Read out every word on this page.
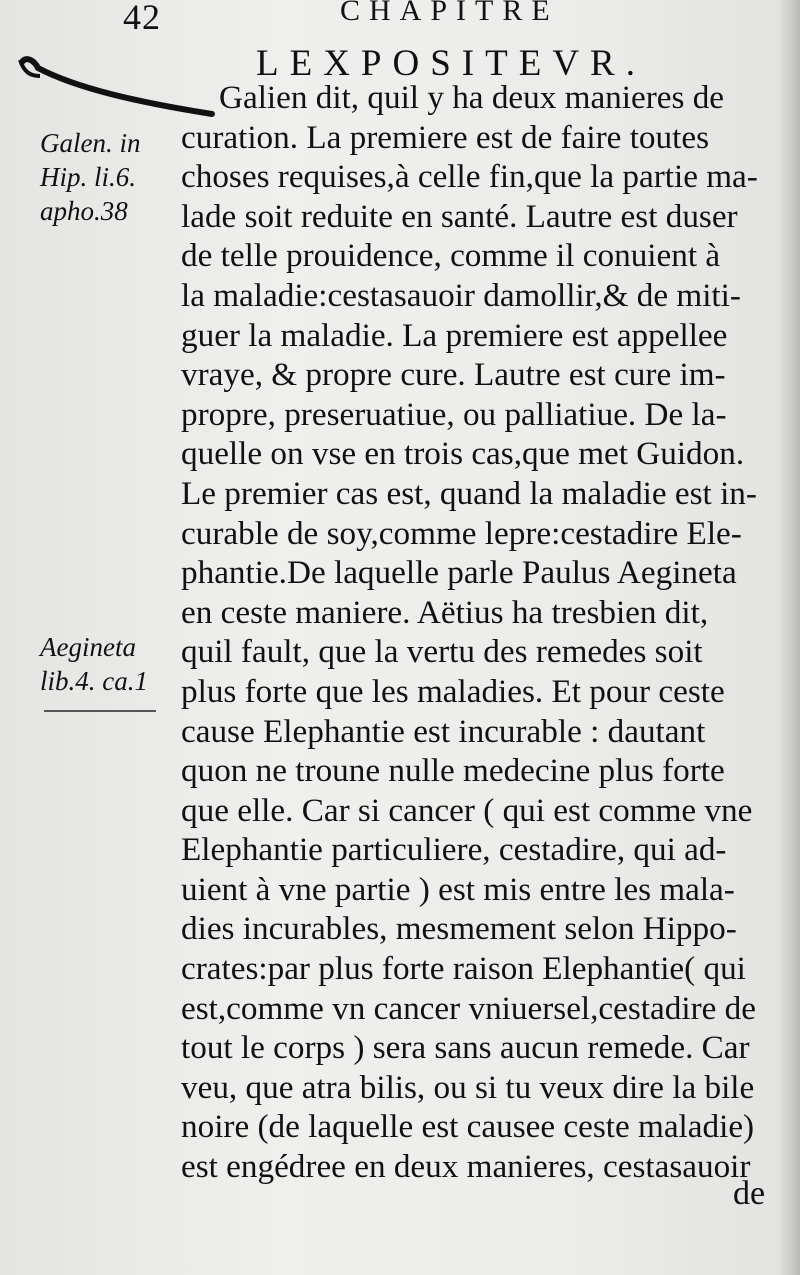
42	CHAPITRE
LEXPOSITEVR.
Galen. in
Hip. li.6.
apho.38
Aegineta
lib.4. ca.1
Galien dit, quil y ha deux manieres de
curation. La premiere est de faire toutes
choses requises,à celle fin,que la partie ma-
lade soit reduite en santé. Lautre est duser
de telle prouidence, comme il conuient à
la maladie:cestasauoir damollir,& de miti-
guer la maladie. La premiere est appellee
vraye, & propre cure. Lautre est cure im-
propre, preseruatiue, ou palliatiue. De la-
quelle on vse en trois cas,que met Guidon.
Le premier cas est, quand la maladie est in-
curable de soy,comme lepre:cestadire Ele-
phantie.De laquelle parle Paulus Aegineta
en ceste maniere. Aëtius ha tresbien dit,
quil fault, que la vertu des remedes soit
plus forte que les maladies. Et pour ceste
cause Elephantie est incurable : dautant
quon ne troune nulle medecine plus forte
que elle. Car si cancer ( qui est comme vne
Elephantie particuliere, cestadire, qui ad-
uient à vne partie ) est mis entre les mala-
dies incurables, mesmement selon Hippo-
crates:par plus forte raison Elephantie( qui
est,comme vn cancer vniuersel,cestadire de
tout le corps ) sera sans aucun remede. Car
veu, que atra bilis, ou si tu veux dire la bile
noire (de laquelle est causee ceste maladie)
est engédree en deux manieres, cestasauoir
de
